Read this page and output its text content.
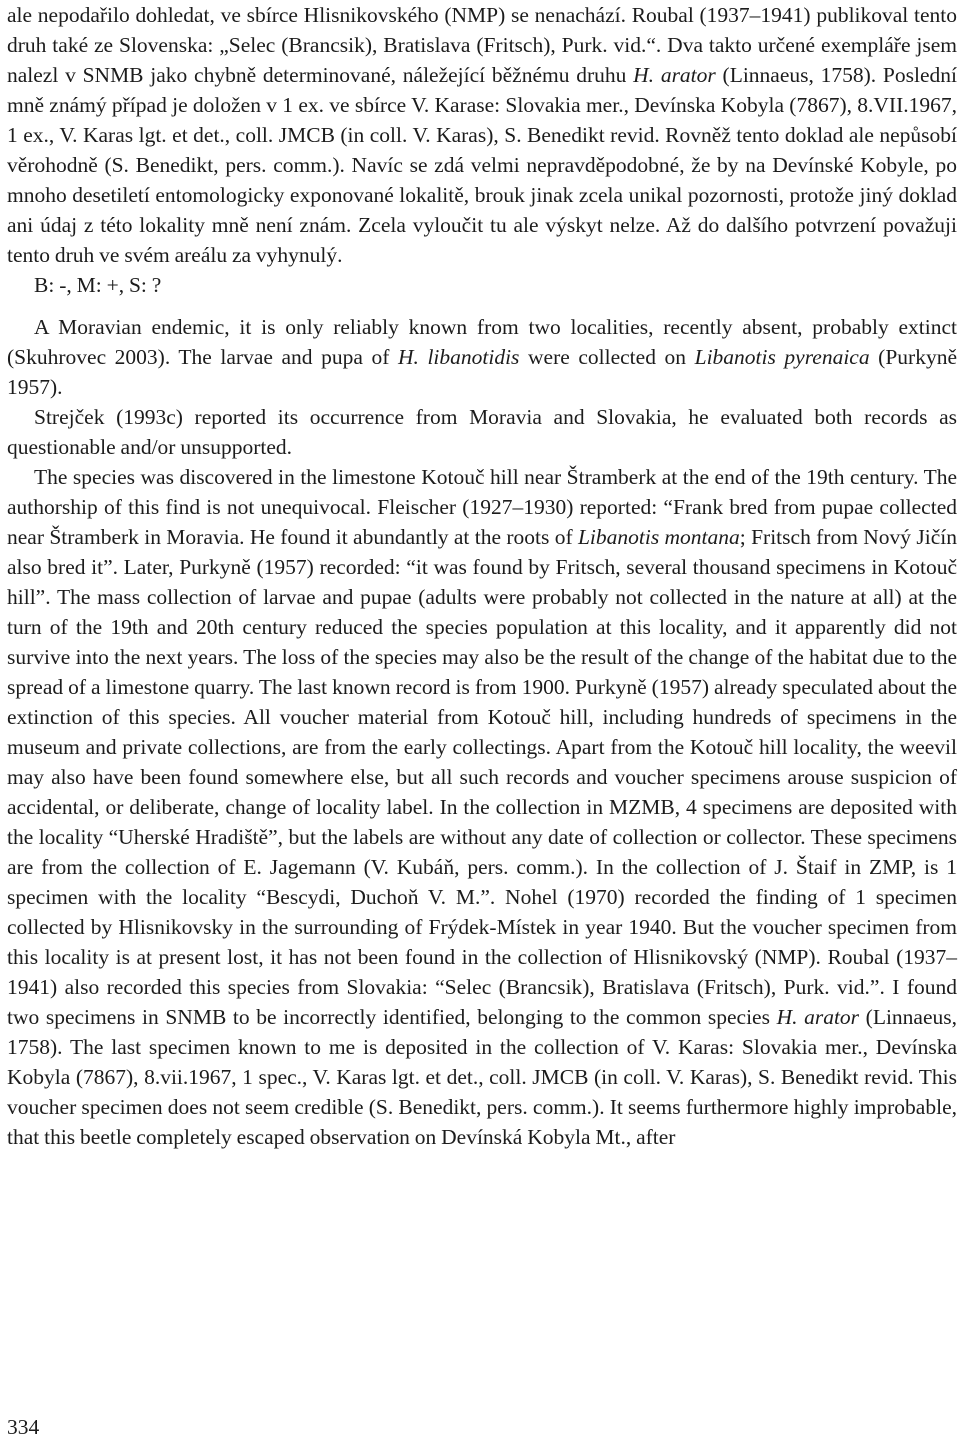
ale nepodařilo dohledat, ve sbírce Hlisnikovského (NMP) se nenachází. Roubal (1937–1941) publikoval tento druh také ze Slovenska: „Selec (Brancsik), Bratislava (Fritsch), Purk. vid.“. Dva takto určené exempláře jsem nalezl v SNMB jako chybně determinované, náležející běžnému druhu H. arator (Linnaeus, 1758). Poslední mně známý případ je doložen v 1 ex. ve sbírce V. Karase: Slovakia mer., Devínska Kobyla (7867), 8.VII.1967, 1 ex., V. Karas lgt. et det., coll. JMCB (in coll. V. Karas), S. Benedikt revid. Rovněž tento doklad ale nepůsobí věrohodně (S. Benedikt, pers. comm.). Navíc se zdá velmi nepravděpodobné, že by na Devínské Kobyle, po mnoho desetiletí entomologicky exponované lokalitě, brouk jinak zcela unikal pozornosti, protože jiný doklad ani údaj z této lokality mně není znám. Zcela vyloučit tu ale výskyt nelze. Až do dalšího potvrzení považuji tento druh ve svém areálu za vyhynulý.

B: -, M: +, S: ?

A Moravian endemic, it is only reliably known from two localities, recently absent, probably extinct (Skuhrovec 2003). The larvae and pupa of H. libanotidis were collected on Libanotis pyrenaica (Purkyně 1957).

Strejček (1993c) reported its occurrence from Moravia and Slovakia, he evaluated both records as questionable and/or unsupported.

The species was discovered in the limestone Kotouč hill near Štramberk at the end of the 19th century. The authorship of this find is not unequivocal. Fleischer (1927–1930) reported: “Frank bred from pupae collected near Štramberk in Moravia. He found it abundantly at the roots of Libanotis montana; Fritsch from Nový Jičín also bred it”. Later, Purkyně (1957) recorded: “it was found by Fritsch, several thousand specimens in Kotouč hill”. The mass collection of larvae and pupae (adults were probably not collected in the nature at all) at the turn of the 19th and 20th century reduced the species population at this locality, and it apparently did not survive into the next years. The loss of the species may also be the result of the change of the habitat due to the spread of a limestone quarry. The last known record is from 1900. Purkyně (1957) already speculated about the extinction of this species. All voucher material from Kotouč hill, including hundreds of specimens in the museum and private collections, are from the early collectings. Apart from the Kotouč hill locality, the weevil may also have been found somewhere else, but all such records and voucher specimens arouse suspicion of accidental, or deliberate, change of locality label. In the collection in MZMB, 4 specimens are deposited with the locality “Uherské Hradiště”, but the labels are without any date of collection or collector. These specimens are from the collection of E. Jagemann (V. Kubáň, pers. comm.). In the collection of J. Štaif in ZMP, is 1 specimen with the locality “Bescydi, Duchoň V. M.”. Nohel (1970) recorded the finding of 1 specimen collected by Hlisnikovsky in the surrounding of Frýdek-Místek in year 1940. But the voucher specimen from this locality is at present lost, it has not been found in the collection of Hlisnikovský (NMP). Roubal (1937–1941) also recorded this species from Slovakia: “Selec (Brancsik), Bratislava (Fritsch), Purk. vid.”. I found two specimens in SNMB to be incorrectly identified, belonging to the common species H. arator (Linnaeus, 1758). The last specimen known to me is deposited in the collection of V. Karas: Slovakia mer., Devínska Kobyla (7867), 8.vii.1967, 1 spec., V. Karas lgt. et det., coll. JMCB (in coll. V. Karas), S. Benedikt revid. This voucher specimen does not seem credible (S. Benedikt, pers. comm.). It seems furthermore highly improbable, that this beetle completely escaped observation on Devínská Kobyla Mt., after

334
